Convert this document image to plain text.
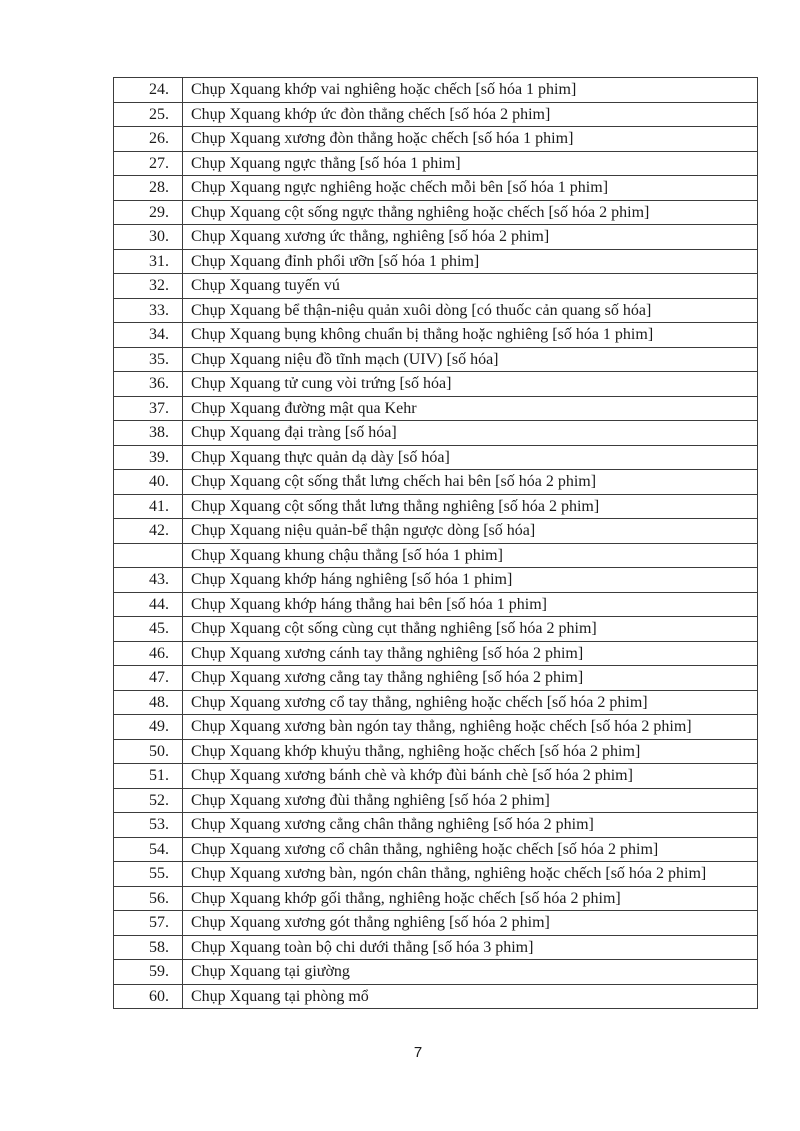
24.	Chụp Xquang khớp vai nghiêng hoặc chếch [số hóa 1 phim]
25.	Chụp Xquang khớp ức đòn thẳng chếch [số hóa 2 phim]
26.	Chụp Xquang xương đòn thẳng hoặc chếch [số hóa 1 phim]
27.	Chụp Xquang ngực thẳng [số hóa 1 phim]
28.	Chụp Xquang ngực nghiêng hoặc chếch mỗi bên [số hóa 1 phim]
29.	Chụp Xquang cột sống ngực thẳng nghiêng hoặc chếch [số hóa 2 phim]
30.	Chụp Xquang xương ức thẳng, nghiêng [số hóa 2 phim]
31.	Chụp Xquang đỉnh phổi ưỡn [số hóa 1 phim]
32.	Chụp Xquang tuyến vú
33.	Chụp Xquang bể thận-niệu quản xuôi dòng [có thuốc cản quang số hóa]
34.	Chụp Xquang bụng không chuẩn bị thẳng hoặc nghiêng [số hóa 1 phim]
35.	Chụp Xquang niệu đồ tĩnh mạch (UIV) [số hóa]
36.	Chụp Xquang tử cung vòi trứng [số hóa]
37.	Chụp Xquang đường mật qua Kehr
38.	Chụp Xquang đại tràng [số hóa]
39.	Chụp Xquang thực quản dạ dày [số hóa]
40.	Chụp Xquang cột sống thắt lưng chếch hai bên [số hóa 2 phim]
41.	Chụp Xquang cột sống thắt lưng thẳng nghiêng [số hóa 2 phim]
42.	Chụp Xquang niệu quản-bể thận ngược dòng [số hóa]
	Chụp Xquang khung chậu thẳng [số hóa 1 phim]
43.	Chụp Xquang khớp háng nghiêng [số hóa 1 phim]
44.	Chụp Xquang khớp háng thẳng hai bên [số hóa 1 phim]
45.	Chụp Xquang cột sống cùng cụt thẳng nghiêng [số hóa 2 phim]
46.	Chụp Xquang xương cánh tay thẳng nghiêng [số hóa 2 phim]
47.	Chụp Xquang xương cẳng tay thẳng nghiêng [số hóa 2 phim]
48.	Chụp Xquang xương cổ tay thẳng, nghiêng hoặc chếch [số hóa 2 phim]
49.	Chụp Xquang xương bàn ngón tay thẳng, nghiêng hoặc chếch [số hóa 2 phim]
50.	Chụp Xquang khớp khuỷu thẳng, nghiêng hoặc chếch [số hóa 2 phim]
51.	Chụp Xquang xương bánh chè và khớp đùi bánh chè [số hóa 2 phim]
52.	Chụp Xquang xương đùi thẳng nghiêng [số hóa 2 phim]
53.	Chụp Xquang xương cẳng chân thẳng nghiêng [số hóa 2 phim]
54.	Chụp Xquang xương cổ chân thẳng, nghiêng hoặc chếch [số hóa 2 phim]
55.	Chụp Xquang xương bàn, ngón chân thẳng, nghiêng hoặc chếch [số hóa 2 phim]
56.	Chụp Xquang khớp gối thẳng, nghiêng hoặc chếch [số hóa 2 phim]
57.	Chụp Xquang xương gót thẳng nghiêng [số hóa 2 phim]
58.	Chụp Xquang toàn bộ chi dưới thẳng [số hóa 3 phim]
59.	Chụp Xquang tại giường
60.	Chụp Xquang tại phòng mổ
7
